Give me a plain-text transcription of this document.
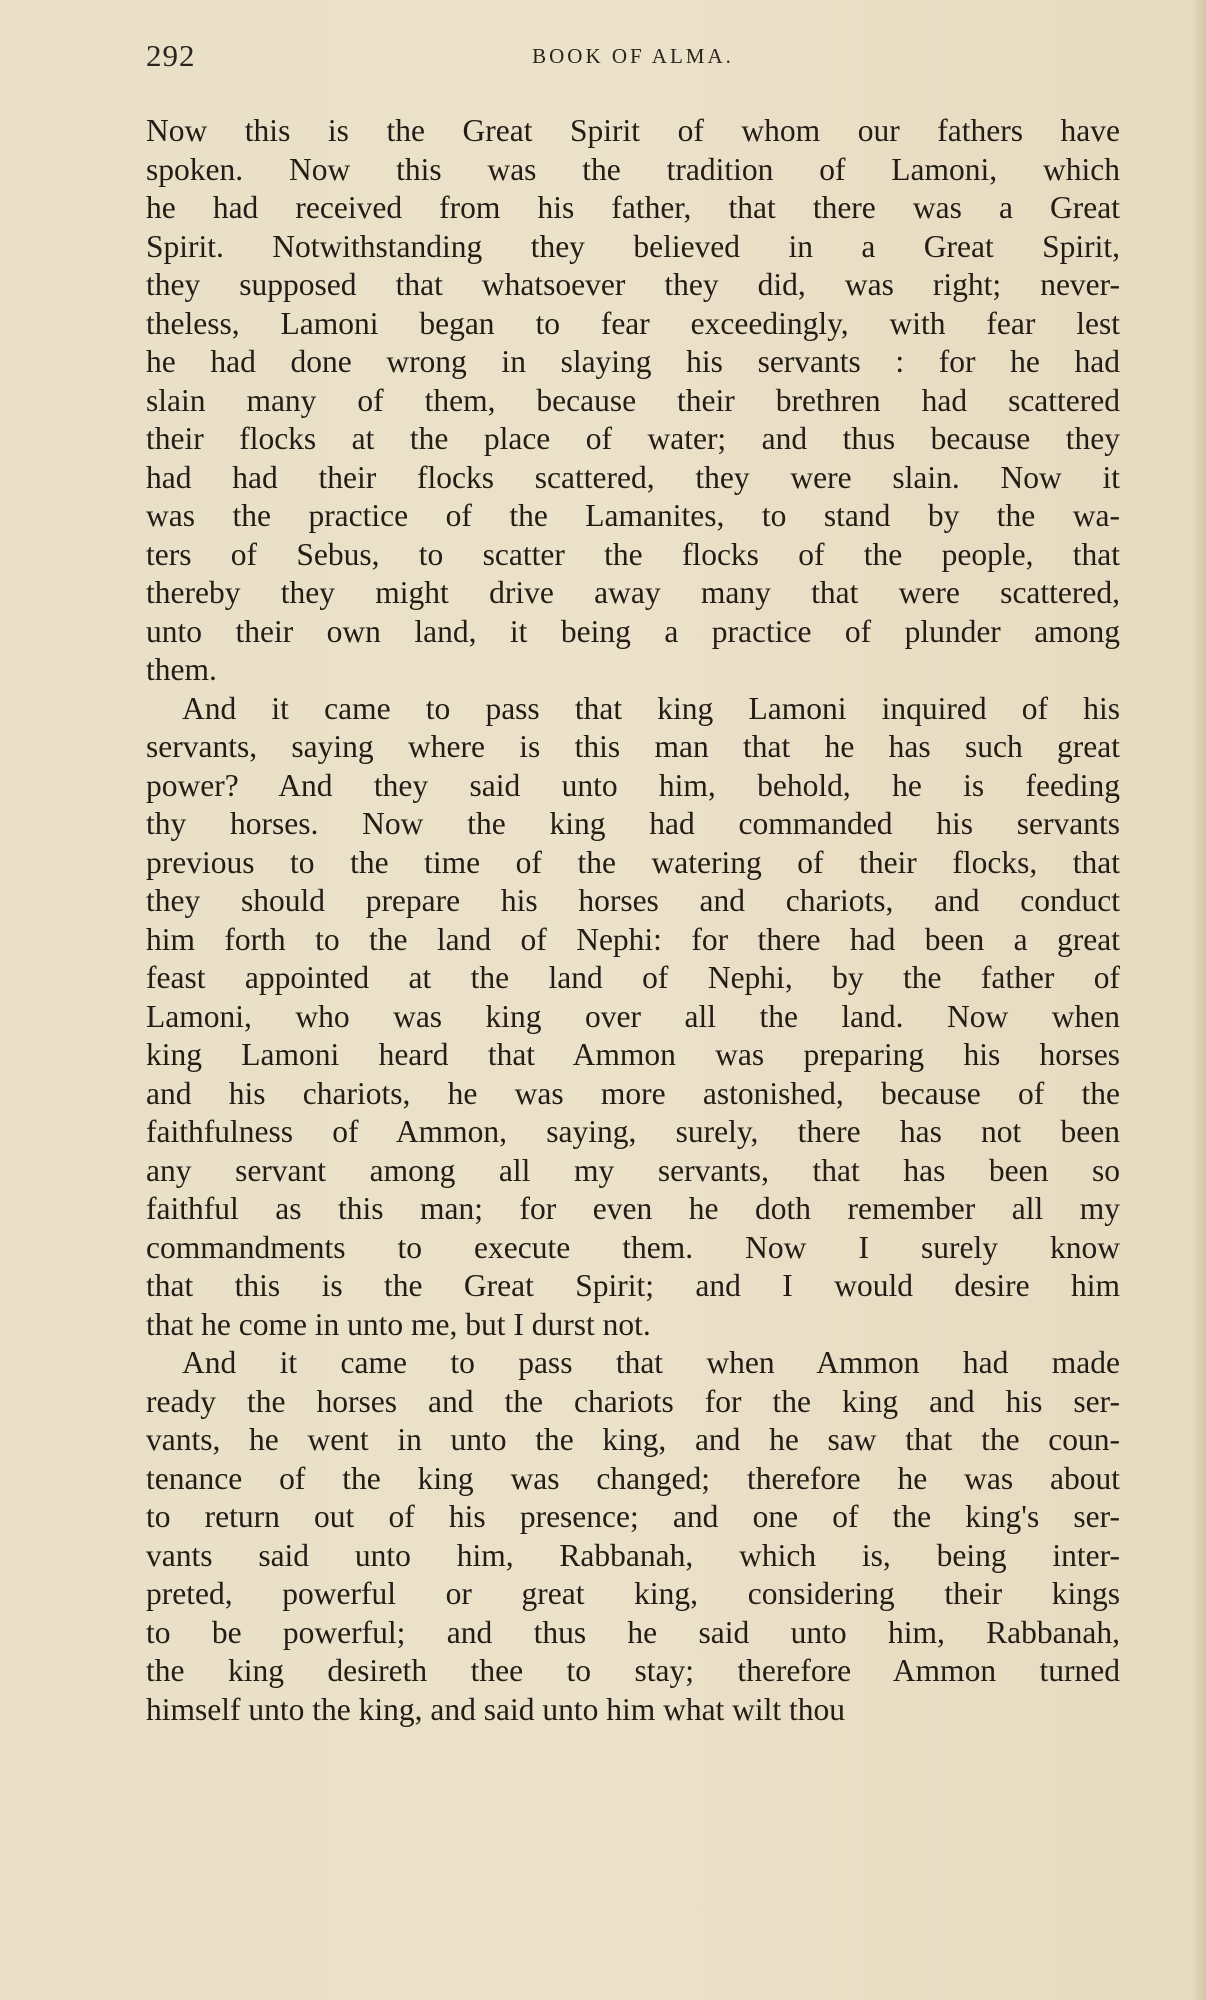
292	BOOK OF ALMA.

Now this is the Great Spirit of whom our fathers have
spoken. Now this was the tradition of Lamoni, which
he had received from his father, that there was a Great
Spirit. Notwithstanding they believed in a Great Spirit,
they supposed that whatsoever they did, was right; never-
theless, Lamoni began to fear exceedingly, with fear lest
he had done wrong in slaying his servants : for he had
slain many of them, because their brethren had scattered
their flocks at the place of water; and thus because they
had had their flocks scattered, they were slain. Now it
was the practice of the Lamanites, to stand by the wa-
ters of Sebus, to scatter the flocks of the people, that
thereby they might drive away many that were scattered,
unto their own land, it being a practice of plunder among
them.

And it came to pass that king Lamoni inquired of his
servants, saying where is this man that he has such great
power? And they said unto him, behold, he is feeding
thy horses. Now the king had commanded his servants
previous to the time of the watering of their flocks, that
they should prepare his horses and chariots, and conduct
him forth to the land of Nephi: for there had been a great
feast appointed at the land of Nephi, by the father of
Lamoni, who was king over all the land. Now when
king Lamoni heard that Ammon was preparing his horses
and his chariots, he was more astonished, because of the
faithfulness of Ammon, saying, surely, there has not been
any servant among all my servants, that has been so
faithful as this man; for even he doth remember all my
commandments to execute them. Now I surely know
that this is the Great Spirit; and I would desire him
that he come in unto me, but I durst not.

And it came to pass that when Ammon had made
ready the horses and the chariots for the king and his ser-
vants, he went in unto the king, and he saw that the coun-
tenance of the king was changed; therefore he was about
to return out of his presence; and one of the king's ser-
vants said unto him, Rabbanah, which is, being inter-
preted, powerful or great king, considering their kings
to be powerful; and thus he said unto him, Rabbanah,
the king desireth thee to stay; therefore Ammon turned
himself unto the king, and said unto him what wilt thou
